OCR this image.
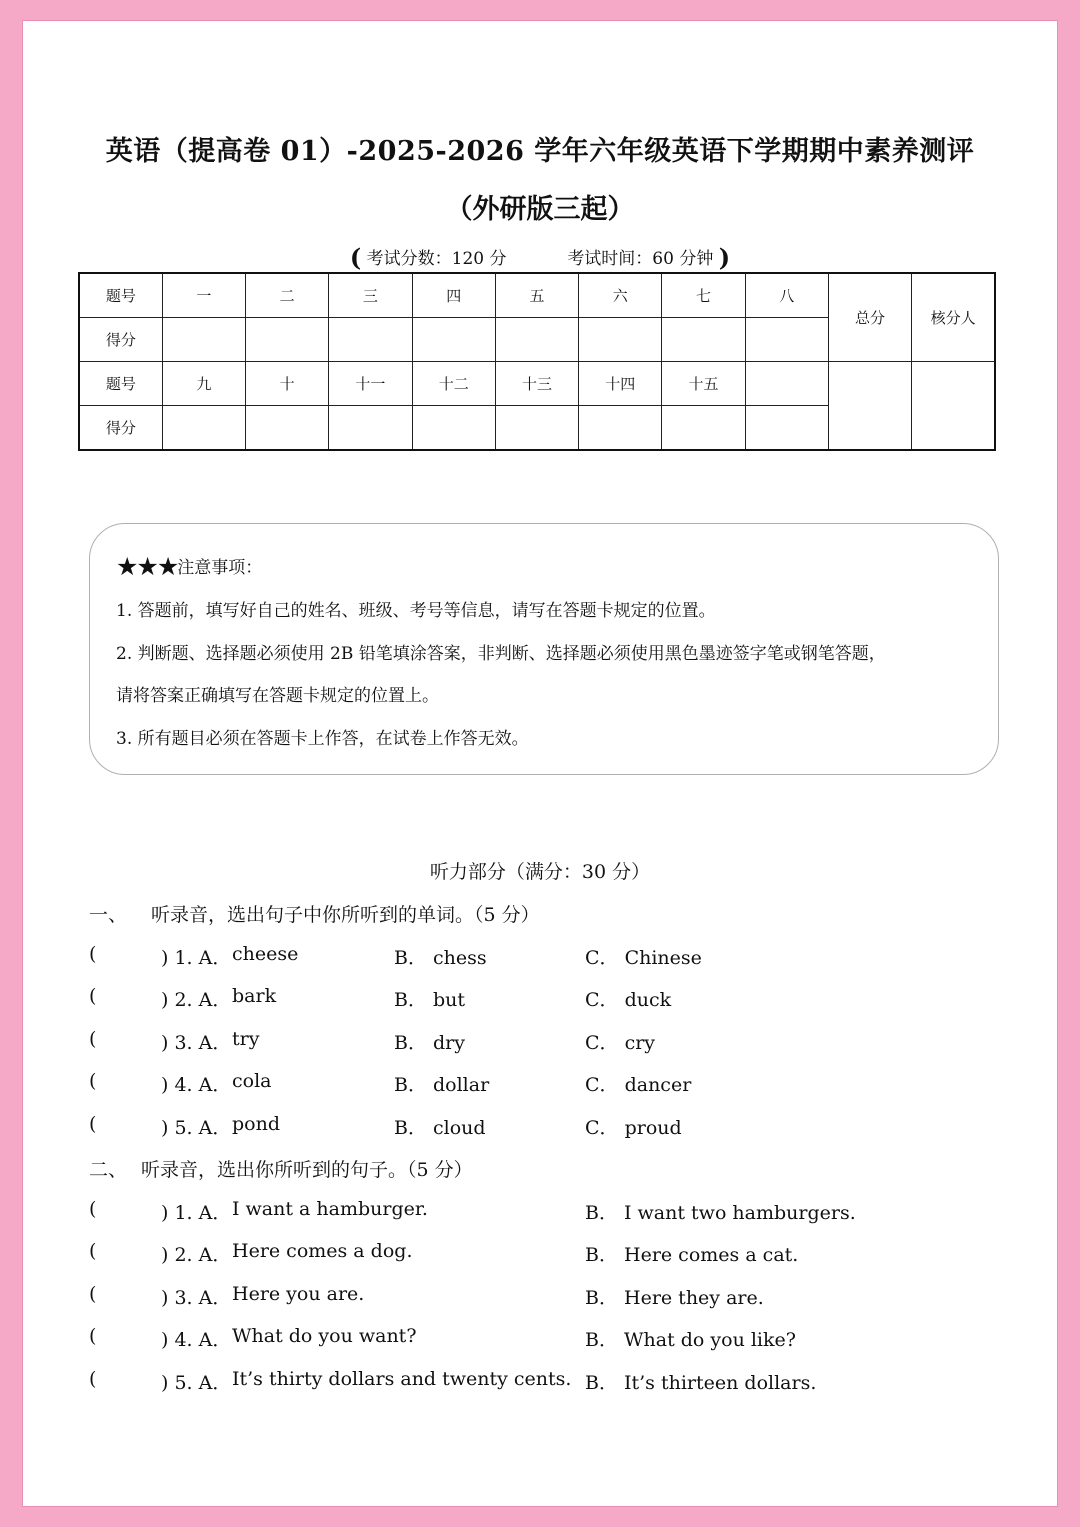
英语（提高卷 01）-2025-2026 学年六年级英语下学期期中素养测评
（外研版三起）
( 考试分数：120 分	考试时间：60 分钟 )
题号	一	二	三	四	五	六	七	八	总分	核分人
得分										
题号	九	十	十一	十二	十三	十四	十五			
得分										
★★★注意事项：
1. 答题前，填写好自己的姓名、班级、考号等信息，请写在答题卡规定的位置。
2. 判断题、选择题必须使用 2B 铅笔填涂答案，非判断、选择题必须使用黑色墨迹签字笔或钢笔答题，
请将答案正确填写在答题卡规定的位置上。
3. 所有题目必须在答题卡上作答，在试卷上作答无效。
听力部分（满分：30 分）
一、 听录音，选出句子中你所听到的单词。（5 分）
(	) 1. A． cheese	B． chess	C． Chinese
(	) 2. A． bark	B． but	C． duck
(	) 3. A． try	B． dry	C． cry
(	) 4. A． cola	B． dollar	C． dancer
(	) 5. A． pond	B． cloud	C． proud
二、 听录音，选出你所听到的句子。（5 分）
(	) 1. A． I want a hamburger.	B． I want two hamburgers.
(	) 2. A． Here comes a dog.	B． Here comes a cat.
(	) 3. A． Here you are.	B． Here they are.
(	) 4. A． What do you want?	B． What do you like?
(	) 5. A． It’s thirty dollars and twenty cents. B． It’s thirteen dollars.
